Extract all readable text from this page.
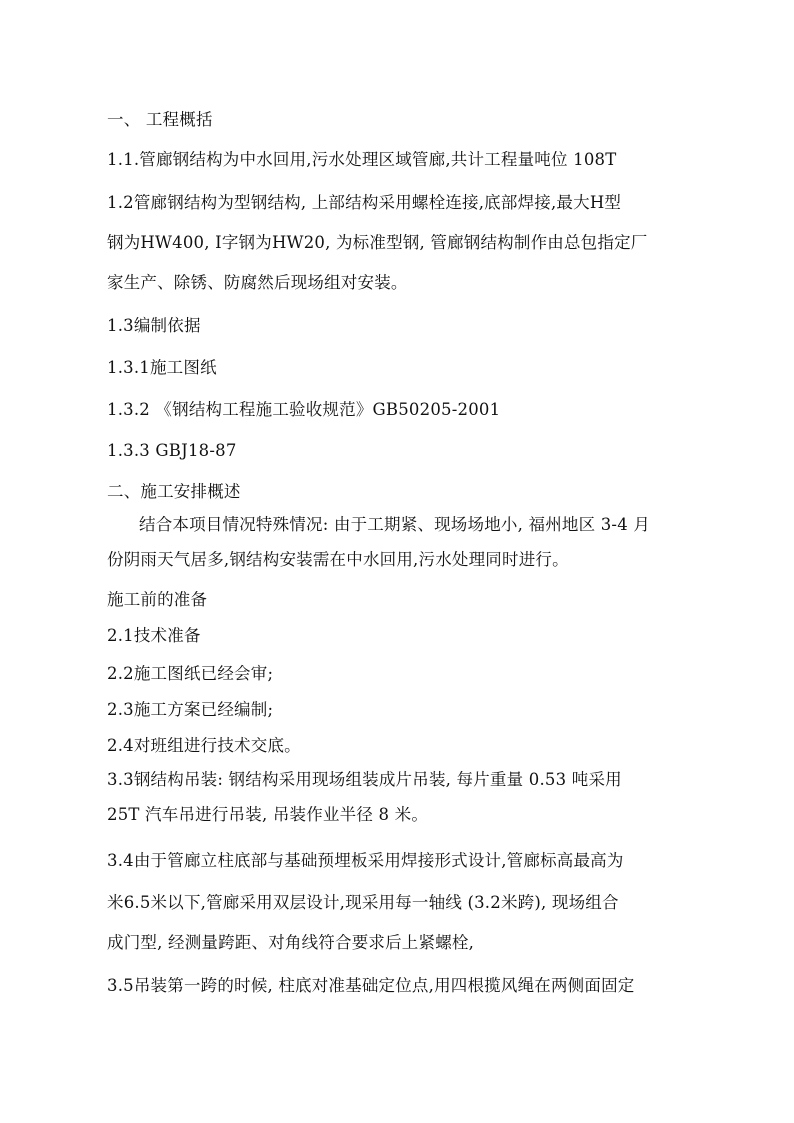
一、 工程概括
1.1.管廊钢结构为中水回用,污水处理区域管廊,共计工程量吨位 108T
1.2管廊钢结构为型钢结构, 上部结构采用螺栓连接,底部焊接,最大H型
钢为HW400, I字钢为HW20, 为标准型钢, 管廊钢结构制作由总包指定厂
家生产、除锈、防腐然后现场组对安装。
1.3编制依据
1.3.1施工图纸
1.3.2 《钢结构工程施工验收规范》GB50205-2001
1.3.3 GBJ18-87
二、施工安排概述
结合本项目情况特殊情况: 由于工期紧、现场场地小, 福州地区 3-4 月
份阴雨天气居多,钢结构安装需在中水回用,污水处理同时进行。
施工前的准备
2.1技术准备
2.2施工图纸已经会审;
2.3施工方案已经编制;
2.4对班组进行技术交底。
3.3钢结构吊装: 钢结构采用现场组装成片吊装, 每片重量 0.53 吨采用
25T 汽车吊进行吊装, 吊装作业半径 8 米。
3.4由于管廊立柱底部与基础预埋板采用焊接形式设计,管廊标高最高为
米6.5米以下,管廊采用双层设计,现采用每一轴线 (3.2米跨), 现场组合
成门型, 经测量跨距、对角线符合要求后上紧螺栓,
3.5吊装第一跨的时候, 柱底对准基础定位点,用四根揽风绳在两侧面固定
